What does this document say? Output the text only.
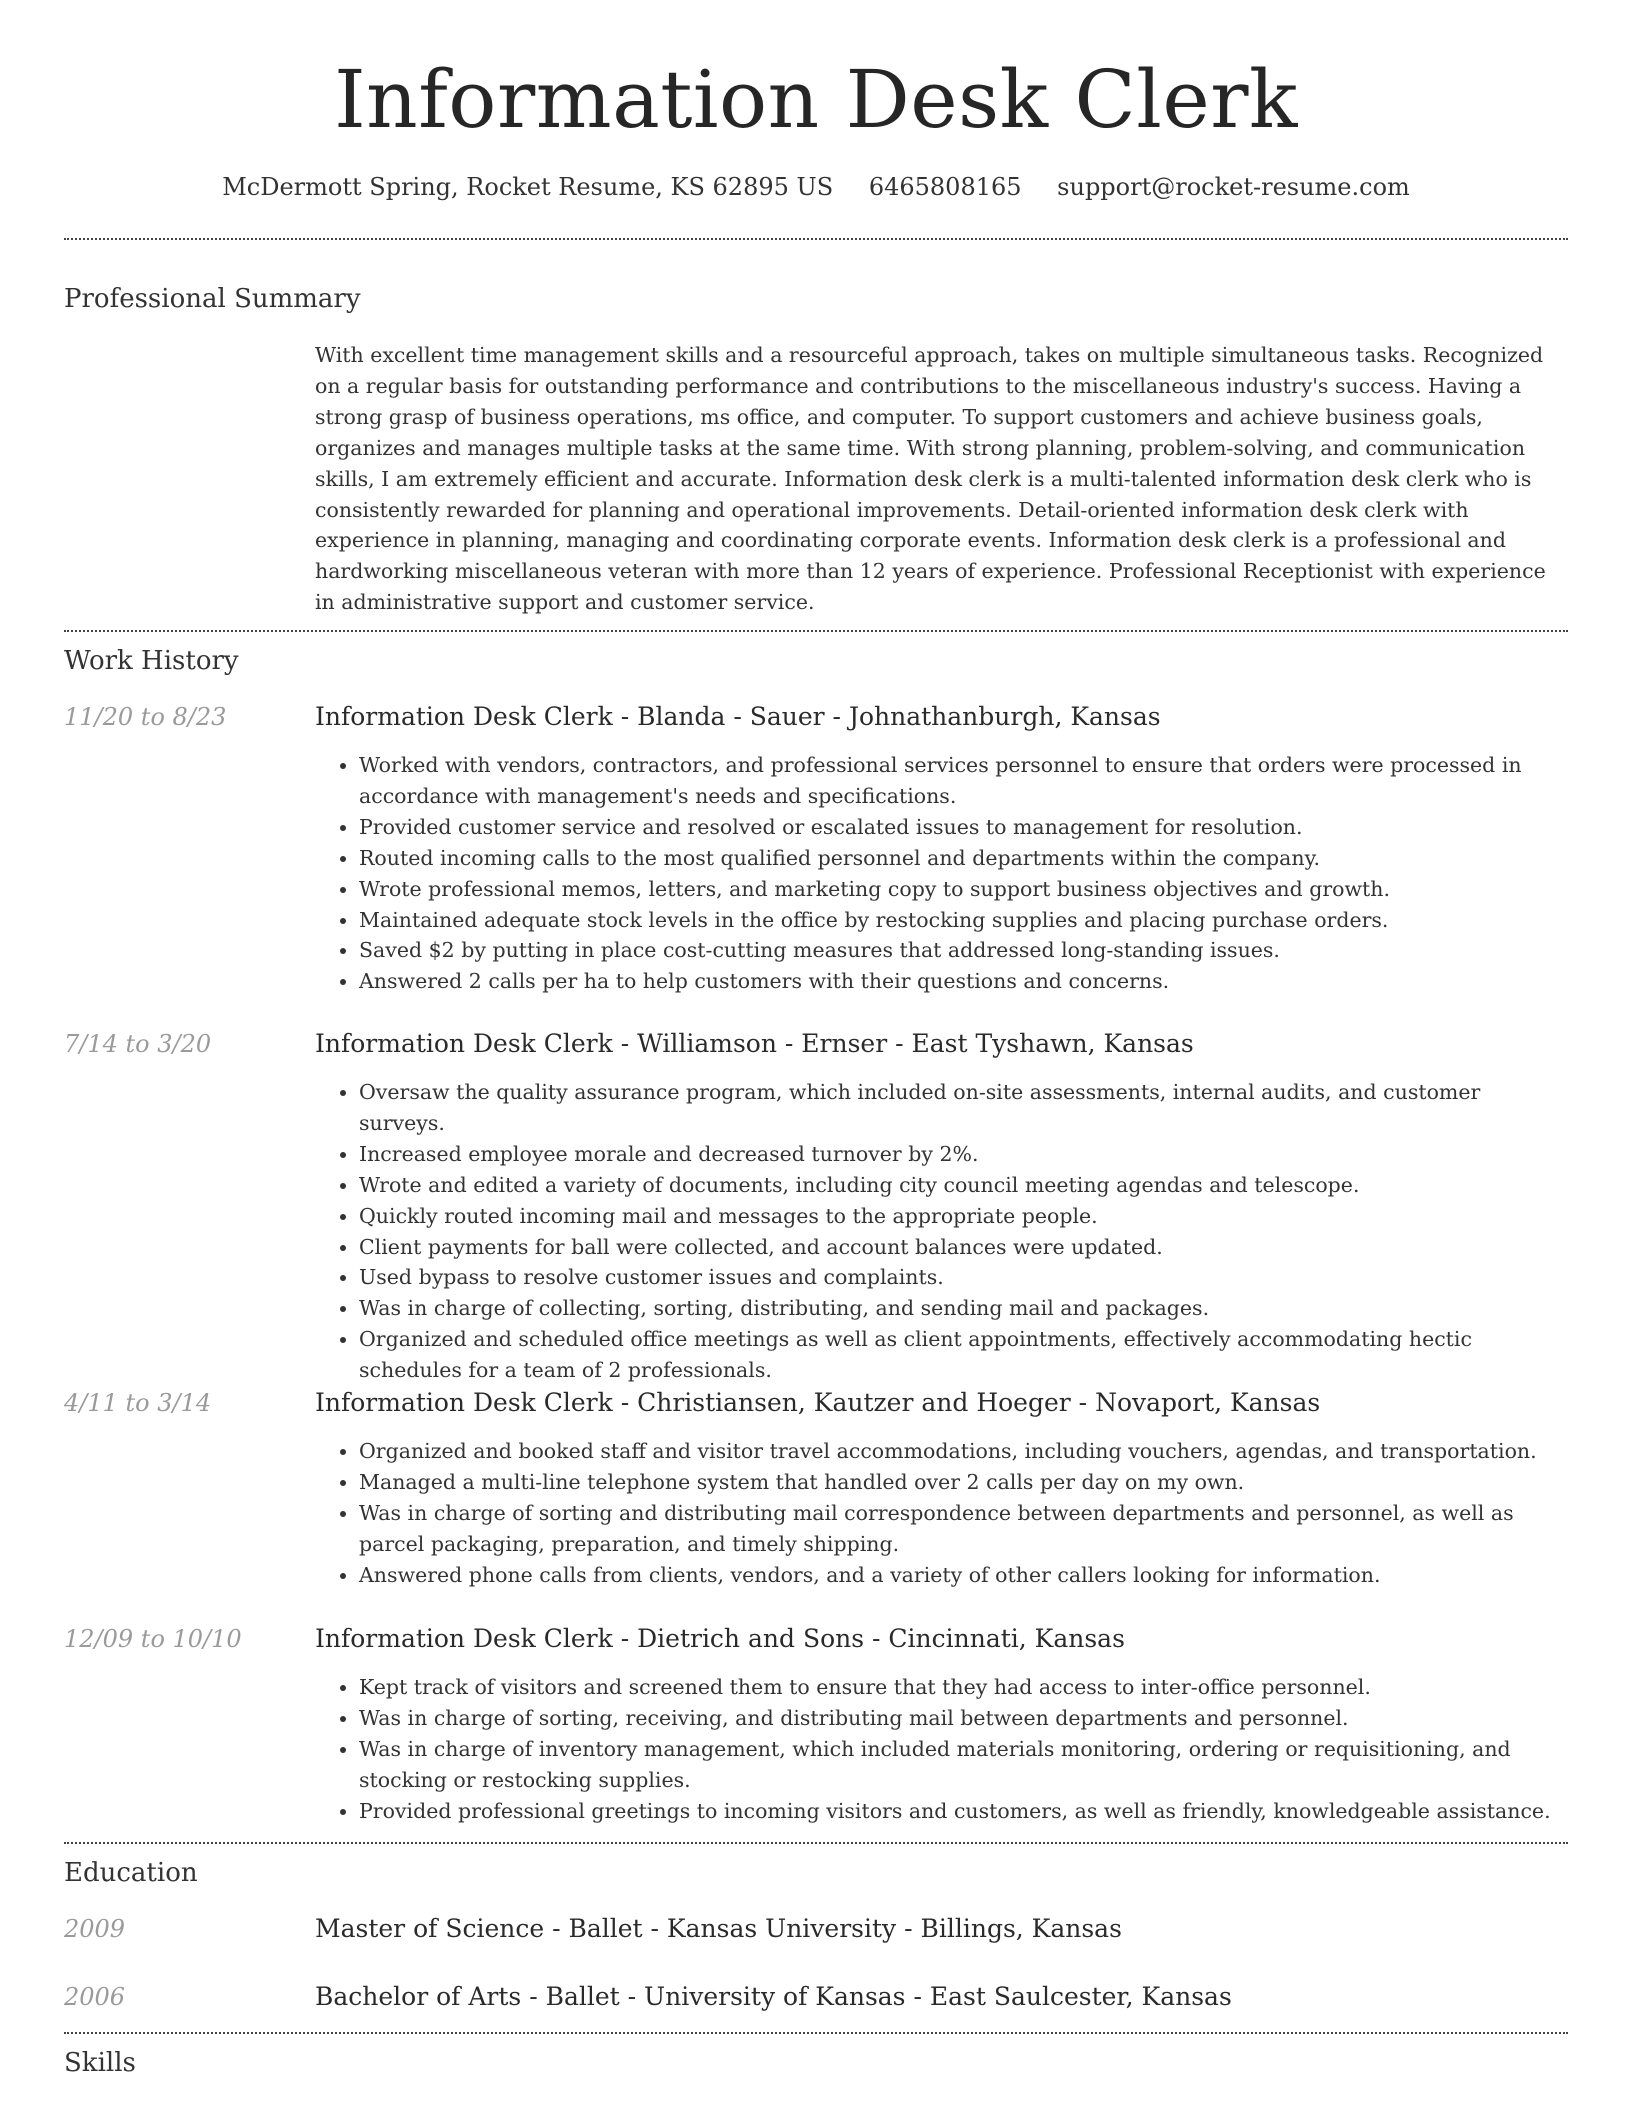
Information Desk Clerk
McDermott Spring, Rocket Resume, KS 62895 US 6465808165 support@rocket-resume.com
Professional Summary

With excellent time management skills and a resourceful approach, takes on multiple simultaneous tasks. Recognized on a regular basis for outstanding performance and contributions to the miscellaneous industry's success. Having a strong grasp of business operations, ms office, and computer. To support customers and achieve business goals, organizes and manages multiple tasks at the same time. With strong planning, problem-solving, and communication skills, I am extremely efficient and accurate. Information desk clerk is a multi-talented information desk clerk who is consistently rewarded for planning and operational improvements. Detail-oriented information desk clerk with experience in planning, managing and coordinating corporate events. Information desk clerk is a professional and hardworking miscellaneous veteran with more than 12 years of experience. Professional Receptionist with experience in administrative support and customer service.

Work History
11/20 to 8/23	Information Desk Clerk - Blanda - Sauer - Johnathanburgh, Kansas
• Worked with vendors, contractors, and professional services personnel to ensure that orders were processed in accordance with management's needs and specifications.
• Provided customer service and resolved or escalated issues to management for resolution.
• Routed incoming calls to the most qualified personnel and departments within the company.
• Wrote professional memos, letters, and marketing copy to support business objectives and growth.
• Maintained adequate stock levels in the office by restocking supplies and placing purchase orders.
• Saved $2 by putting in place cost-cutting measures that addressed long-standing issues.
• Answered 2 calls per ha to help customers with their questions and concerns.
7/14 to 3/20	Information Desk Clerk - Williamson - Ernser - East Tyshawn, Kansas
• Oversaw the quality assurance program, which included on-site assessments, internal audits, and customer surveys.
• Increased employee morale and decreased turnover by 2%.
• Wrote and edited a variety of documents, including city council meeting agendas and telescope.
• Quickly routed incoming mail and messages to the appropriate people.
• Client payments for ball were collected, and account balances were updated.
• Used bypass to resolve customer issues and complaints.
• Was in charge of collecting, sorting, distributing, and sending mail and packages.
• Organized and scheduled office meetings as well as client appointments, effectively accommodating hectic schedules for a team of 2 professionals.
4/11 to 3/14	Information Desk Clerk - Christiansen, Kautzer and Hoeger - Novaport, Kansas
• Organized and booked staff and visitor travel accommodations, including vouchers, agendas, and transportation.
• Managed a multi-line telephone system that handled over 2 calls per day on my own.
• Was in charge of sorting and distributing mail correspondence between departments and personnel, as well as parcel packaging, preparation, and timely shipping.
• Answered phone calls from clients, vendors, and a variety of other callers looking for information.
12/09 to 10/10	Information Desk Clerk - Dietrich and Sons - Cincinnati, Kansas
• Kept track of visitors and screened them to ensure that they had access to inter-office personnel.
• Was in charge of sorting, receiving, and distributing mail between departments and personnel.
• Was in charge of inventory management, which included materials monitoring, ordering or requisitioning, and stocking or restocking supplies.
• Provided professional greetings to incoming visitors and customers, as well as friendly, knowledgeable assistance.
Education
2009	Master of Science - Ballet - Kansas University - Billings, Kansas
2006	Bachelor of Arts - Ballet - University of Kansas - East Saulcester, Kansas
Skills
